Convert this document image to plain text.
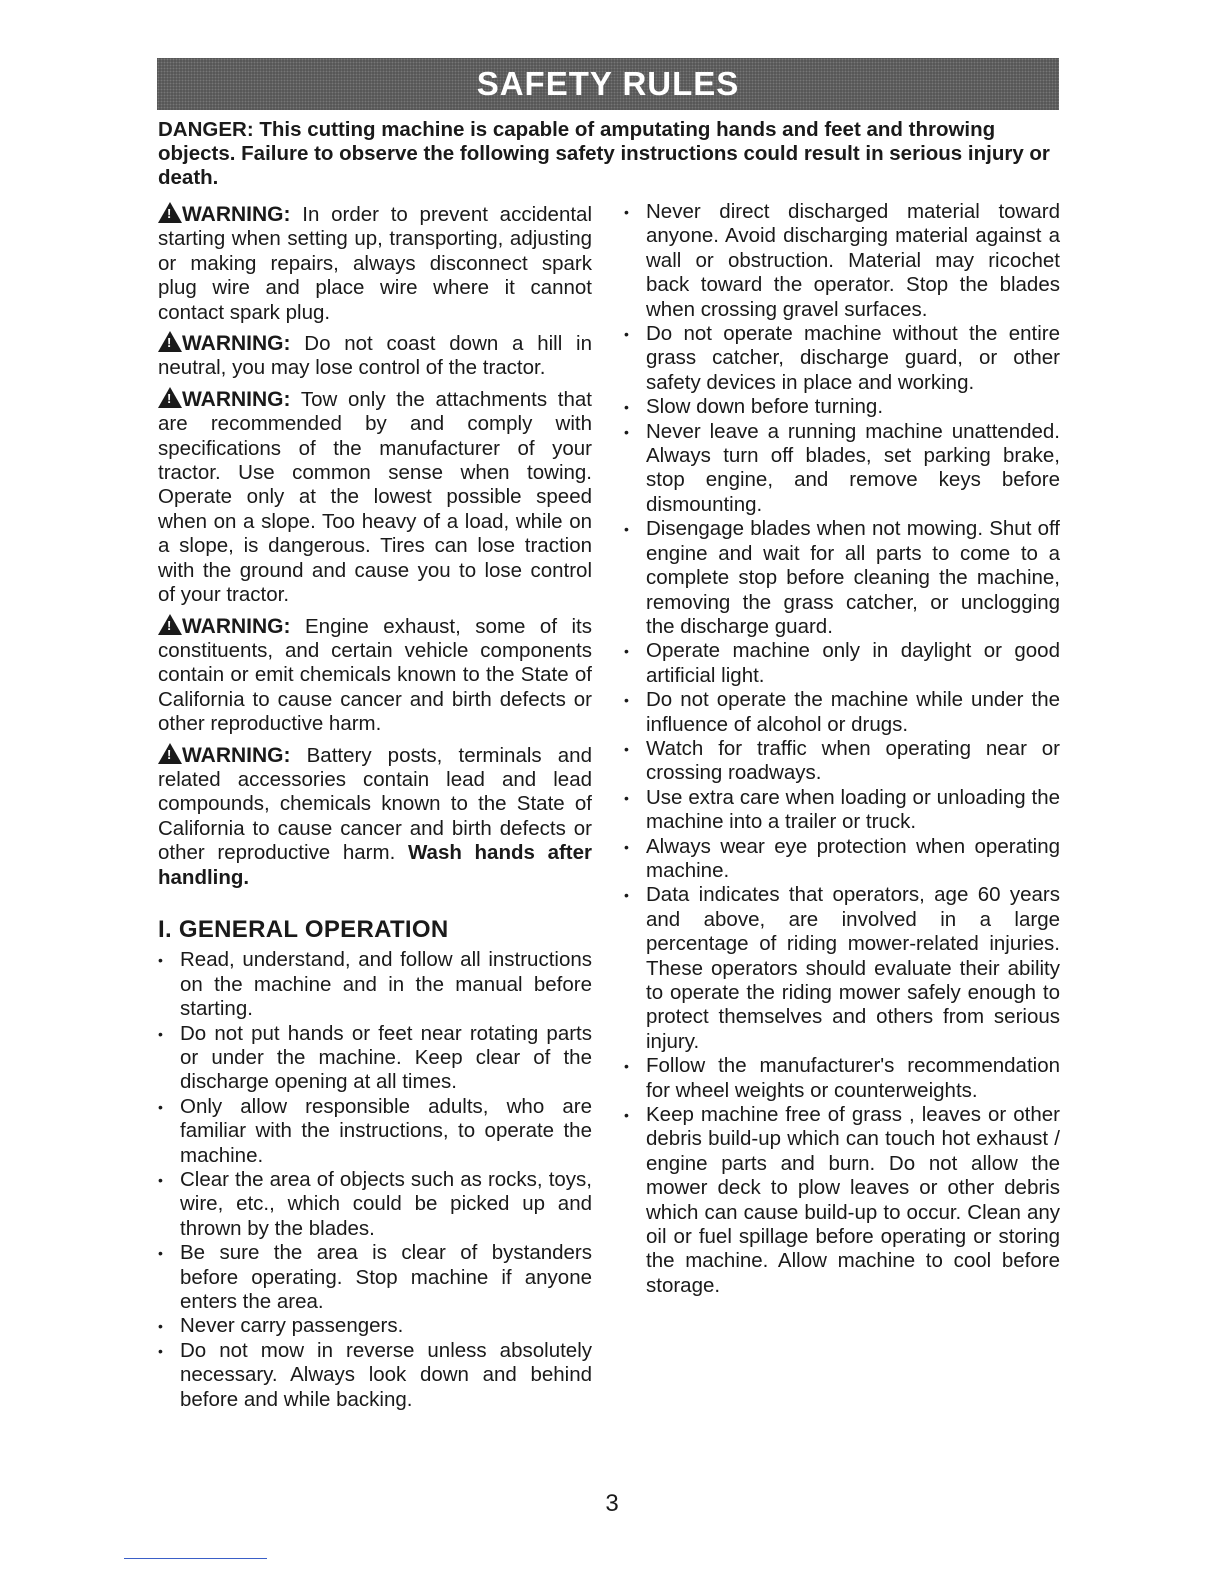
SAFETY RULES
DANGER: This cutting machine is capable of amputating hands and feet and throwing objects. Failure to observe the following safety instructions could result in serious injury or death.

!WARNING: In order to prevent accidental starting when setting up, transporting, adjusting or making repairs, always disconnect spark plug wire and place wire where it cannot contact spark plug.

!WARNING: Do not coast down a hill in neutral, you may lose control of the tractor.

!WARNING: Tow only the attachments that are recommended by and comply with specifications of the manufacturer of your tractor. Use common sense when towing. Operate only at the lowest possible speed when on a slope. Too heavy of a load, while on a slope, is dangerous. Tires can lose traction with the ground and cause you to lose control of your tractor.

!WARNING: Engine exhaust, some of its constituents, and certain vehicle components contain or emit chemicals known to the State of California to cause cancer and birth defects or other reproductive harm.

!WARNING: Battery posts, terminals and related accessories contain lead and lead compounds, chemicals known to the State of California to cause cancer and birth defects or other reproductive harm. Wash hands after handling.

I. GENERAL OPERATION
• Read, understand, and follow all instructions on the machine and in the manual before starting.
• Do not put hands or feet near rotating parts or under the machine. Keep clear of the discharge opening at all times.
• Only allow responsible adults, who are familiar with the instructions, to operate the machine.
• Clear the area of objects such as rocks, toys, wire, etc., which could be picked up and thrown by the blades.
• Be sure the area is clear of bystanders before operating. Stop machine if anyone enters the area.
• Never carry passengers.
• Do not mow in reverse unless absolutely necessary. Always look down and behind before and while backing.
• Never direct discharged material toward anyone. Avoid discharging material against a wall or obstruction. Material may ricochet back toward the operator. Stop the blades when crossing gravel surfaces.
• Do not operate machine without the entire grass catcher, discharge guard, or other safety devices in place and working.
• Slow down before turning.
• Never leave a running machine unattended. Always turn off blades, set parking brake, stop engine, and remove keys before dismounting.
• Disengage blades when not mowing. Shut off engine and wait for all parts to come to a complete stop before cleaning the machine, removing the grass catcher, or unclogging the discharge guard.
• Operate machine only in daylight or good artificial light.
• Do not operate the machine while under the influence of alcohol or drugs.
• Watch for traffic when operating near or crossing roadways.
• Use extra care when loading or unloading the machine into a trailer or truck.
• Always wear eye protection when operating machine.
• Data indicates that operators, age 60 years and above, are involved in a large percentage of riding mower-related injuries. These operators should evaluate their ability to operate the riding mower safely enough to protect themselves and others from serious injury.
• Follow the manufacturer's recommendation for wheel weights or counterweights.
• Keep machine free of grass , leaves or other debris build-up which can touch hot exhaust / engine parts and burn. Do not allow the mower deck to plow leaves or other debris which can cause build-up to occur. Clean any oil or fuel spillage before operating or storing the machine. Allow machine to cool before storage.
3
